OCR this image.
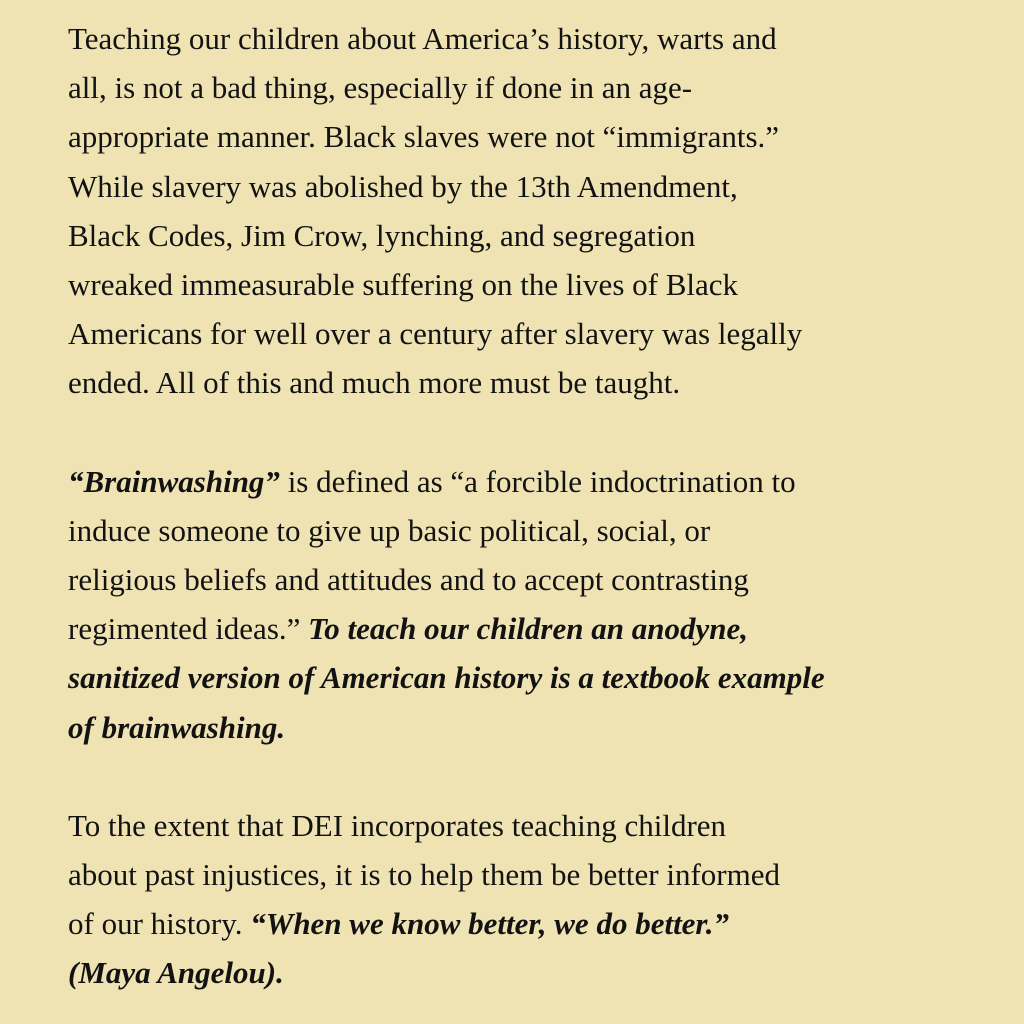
Teaching our children about America’s history, warts and
all, is not a bad thing, especially if done in an age-
appropriate manner. Black slaves were not “immigrants.”
While slavery was abolished by the 13th Amendment,
Black Codes, Jim Crow, lynching, and segregation
wreaked immeasurable suffering on the lives of Black
Americans for well over a century after slavery was legally
ended. All of this and much more must be taught.

“Brainwashing” is defined as “a forcible indoctrination to
induce someone to give up basic political, social, or
religious beliefs and attitudes and to accept contrasting
regimented ideas.” To teach our children an anodyne,
sanitized version of American history is a textbook example
of brainwashing.

To the extent that DEI incorporates teaching children
about past injustices, it is to help them be better informed
of our history. “When we know better, we do better.”
(Maya Angelou).
